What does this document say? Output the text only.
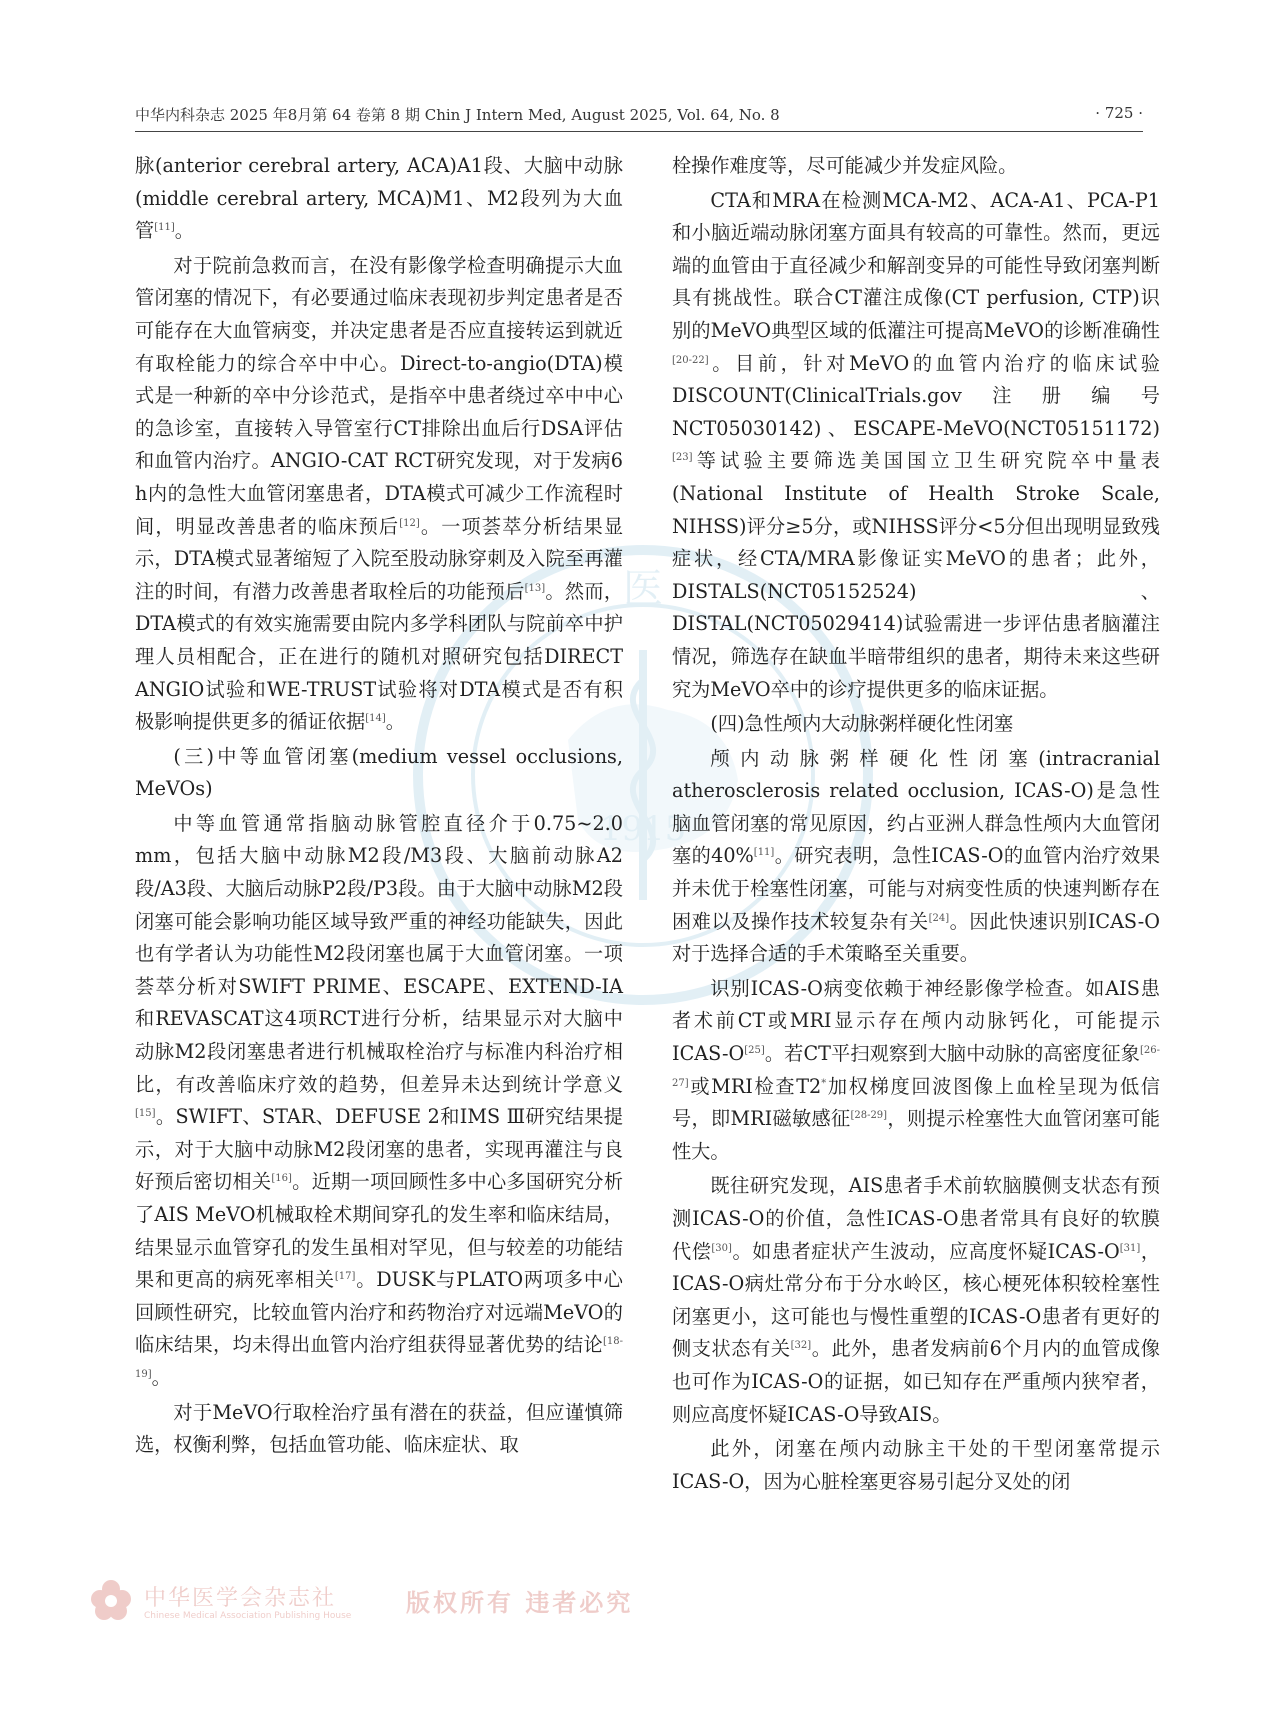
中华内科杂志 2025 年8月第 64 卷第 8 期 Chin J Intern Med, August 2025, Vol. 64, No. 8	· 725 ·
医
1915

脉(anterior cerebral artery, ACA)A1段、大脑中动脉(middle cerebral artery, MCA)M1、M2段列为大血管[11]。

对于院前急救而言，在没有影像学检查明确提示大血管闭塞的情况下，有必要通过临床表现初步判定患者是否可能存在大血管病变，并决定患者是否应直接转运到就近有取栓能力的综合卒中中心。Direct-to-angio(DTA)模式是一种新的卒中分诊范式，是指卒中患者绕过卒中中心的急诊室，直接转入导管室行CT排除出血后行DSA评估和血管内治疗。ANGIO-CAT RCT研究发现，对于发病6 h内的急性大血管闭塞患者，DTA模式可减少工作流程时间，明显改善患者的临床预后[12]。一项荟萃分析结果显示，DTA模式显著缩短了入院至股动脉穿刺及入院至再灌注的时间，有潜力改善患者取栓后的功能预后[13]。然而，DTA模式的有效实施需要由院内多学科团队与院前卒中护理人员相配合，正在进行的随机对照研究包括DIRECT ANGIO试验和WE-TRUST试验将对DTA模式是否有积极影响提供更多的循证依据[14]。

(三)中等血管闭塞(medium vessel occlusions, MeVOs)

中等血管通常指脑动脉管腔直径介于0.75~2.0 mm，包括大脑中动脉M2段/M3段、大脑前动脉A2段/A3段、大脑后动脉P2段/P3段。由于大脑中动脉M2段闭塞可能会影响功能区域导致严重的神经功能缺失，因此也有学者认为功能性M2段闭塞也属于大血管闭塞。一项荟萃分析对SWIFT PRIME、ESCAPE、EXTEND-IA和REVASCAT这4项RCT进行分析，结果显示对大脑中动脉M2段闭塞患者进行机械取栓治疗与标准内科治疗相比，有改善临床疗效的趋势，但差异未达到统计学意义[15]。SWIFT、STAR、DEFUSE 2和IMS Ⅲ研究结果提示，对于大脑中动脉M2段闭塞的患者，实现再灌注与良好预后密切相关[16]。近期一项回顾性多中心多国研究分析了AIS MeVO机械取栓术期间穿孔的发生率和临床结局，结果显示血管穿孔的发生虽相对罕见，但与较差的功能结果和更高的病死率相关[17]。DUSK与PLATO两项多中心回顾性研究，比较血管内治疗和药物治疗对远端MeVO的临床结果，均未得出血管内治疗组获得显著优势的结论[18-19]。

对于MeVO行取栓治疗虽有潜在的获益，但应谨慎筛选，权衡利弊，包括血管功能、临床症状、取

栓操作难度等，尽可能减少并发症风险。

CTA和MRA在检测MCA-M2、ACA-A1、PCA-P1和小脑近端动脉闭塞方面具有较高的可靠性。然而，更远端的血管由于直径减少和解剖变异的可能性导致闭塞判断具有挑战性。联合CT灌注成像(CT perfusion, CTP)识别的MeVO典型区域的低灌注可提高MeVO的诊断准确性[20-22]。目前，针对MeVO的血管内治疗的临床试验DISCOUNT(ClinicalTrials.gov注册编号NCT05030142)、ESCAPE-MeVO(NCT05151172)[23]等试验主要筛选美国国立卫生研究院卒中量表(National Institute of Health Stroke Scale, NIHSS)评分≥5分，或NIHSS评分<5分但出现明显致残症状，经CTA/MRA影像证实MeVO的患者；此外，DISTALS(NCT05152524)、DISTAL(NCT05029414)试验需进一步评估患者脑灌注情况，筛选存在缺血半暗带组织的患者，期待未来这些研究为MeVO卒中的诊疗提供更多的临床证据。

(四)急性颅内大动脉粥样硬化性闭塞

颅内动脉粥样硬化性闭塞(intracranial atherosclerosis related occlusion, ICAS-O)是急性脑血管闭塞的常见原因，约占亚洲人群急性颅内大血管闭塞的40%[11]。研究表明，急性ICAS-O的血管内治疗效果并未优于栓塞性闭塞，可能与对病变性质的快速判断存在困难以及操作技术较复杂有关[24]。因此快速识别ICAS-O对于选择合适的手术策略至关重要。

识别ICAS-O病变依赖于神经影像学检查。如AIS患者术前CT或MRI显示存在颅内动脉钙化，可能提示ICAS-O[25]。若CT平扫观察到大脑中动脉的高密度征象[26-27]或MRI检查T2*加权梯度回波图像上血栓呈现为低信号，即MRI磁敏感征[28-29]，则提示栓塞性大血管闭塞可能性大。

既往研究发现，AIS患者手术前软脑膜侧支状态有预测ICAS-O的价值，急性ICAS-O患者常具有良好的软膜代偿[30]。如患者症状产生波动，应高度怀疑ICAS-O[31]，ICAS-O病灶常分布于分水岭区，核心梗死体积较栓塞性闭塞更小，这可能也与慢性重塑的ICAS-O患者有更好的侧支状态有关[32]。此外，患者发病前6个月内的血管成像也可作为ICAS-O的证据，如已知存在严重颅内狭窄者，则应高度怀疑ICAS-O导致AIS。

此外，闭塞在颅内动脉主干处的干型闭塞常提示ICAS-O，因为心脏栓塞更容易引起分叉处的闭

中华医学会杂志社
Chinese Medical Association Publishing House 版权所有 违者必究
